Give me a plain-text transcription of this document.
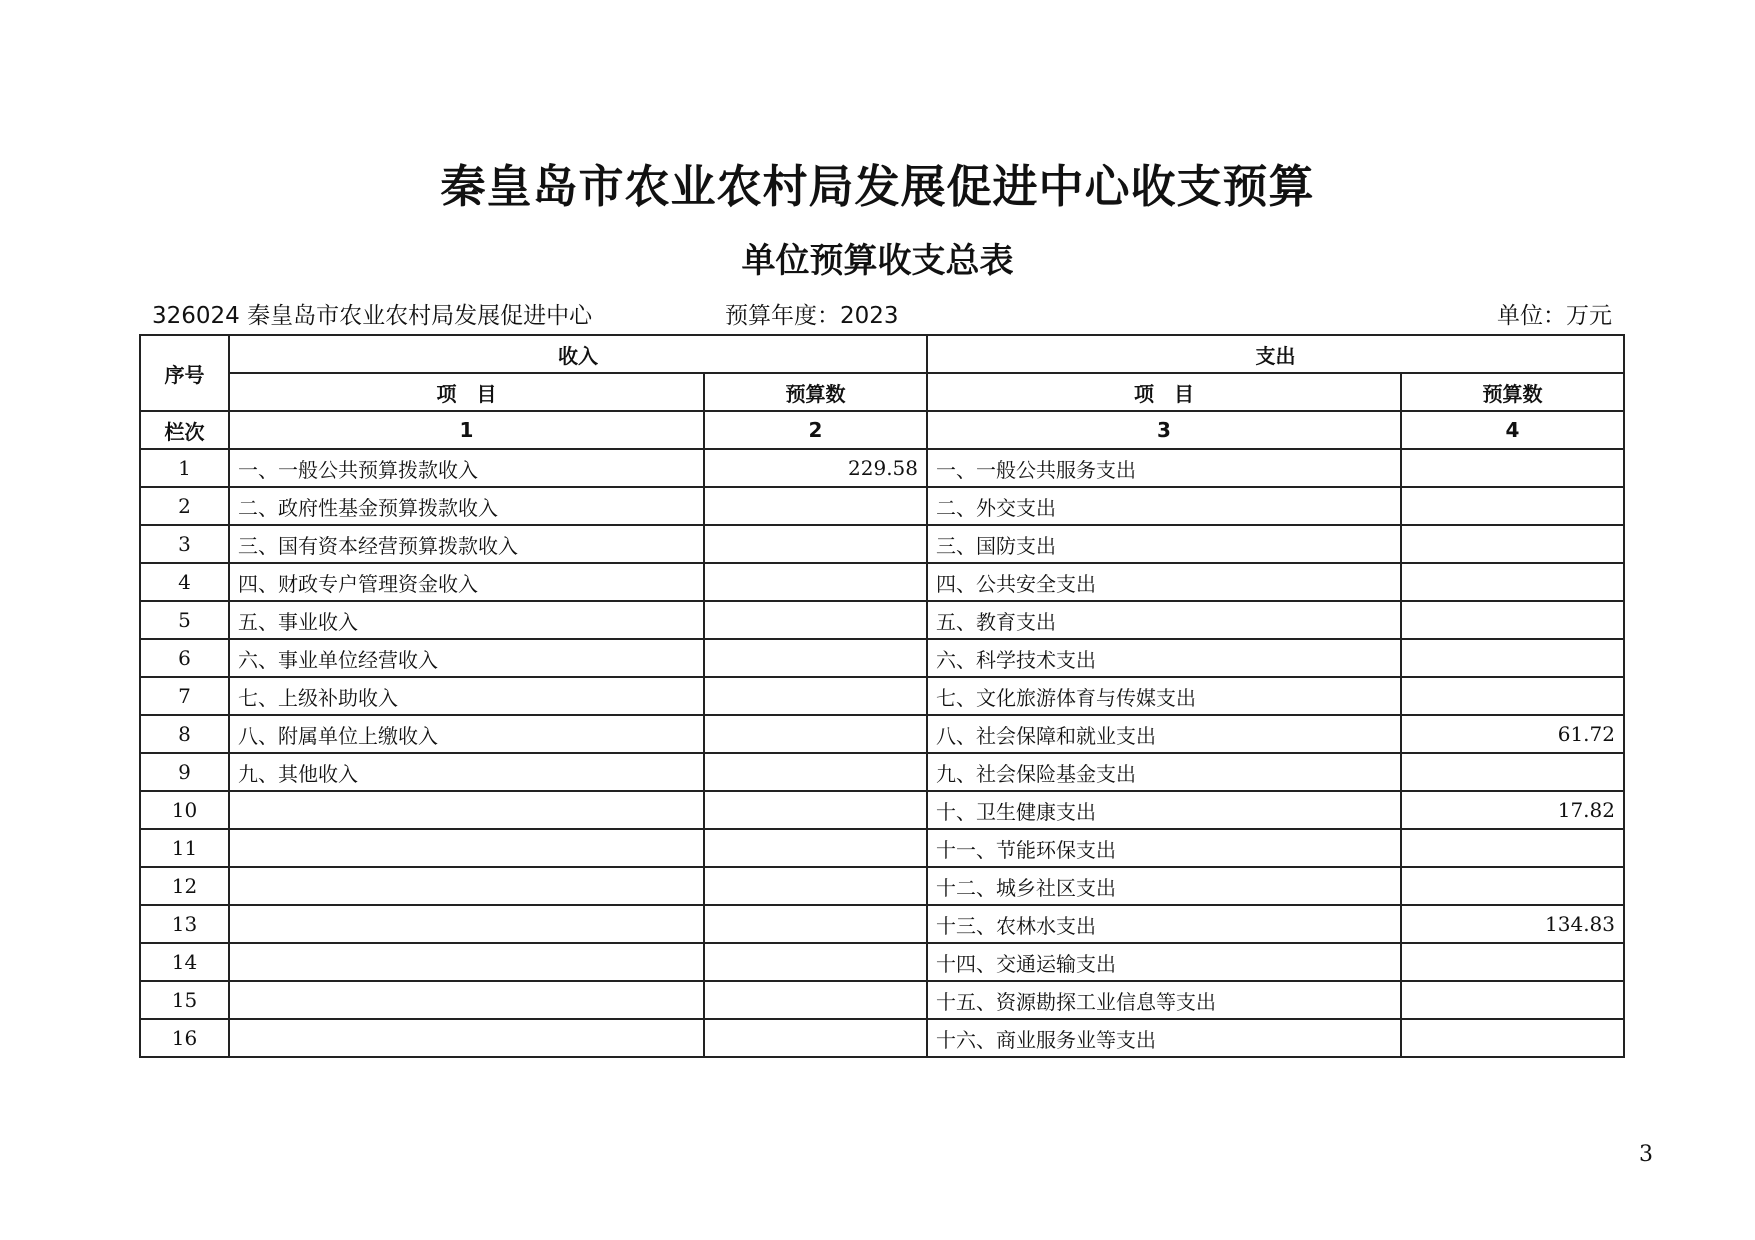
秦皇岛市农业农村局发展促进中心收支预算
单位预算收支总表
326024 秦皇岛市农业农村局发展促进中心	预算年度：2023	单位：万元
序号	收入		支出	
	项　目	预算数	项　目	预算数
栏次	1	2	3	4
1	一、一般公共预算拨款收入	229.58	一、一般公共服务支出	
2	二、政府性基金预算拨款收入		二、外交支出	
3	三、国有资本经营预算拨款收入		三、国防支出	
4	四、财政专户管理资金收入		四、公共安全支出	
5	五、事业收入		五、教育支出	
6	六、事业单位经营收入		六、科学技术支出	
7	七、上级补助收入		七、文化旅游体育与传媒支出	
8	八、附属单位上缴收入		八、社会保障和就业支出	61.72
9	九、其他收入		九、社会保险基金支出	
10			十、卫生健康支出	17.82
11			十一、节能环保支出	
12			十二、城乡社区支出	
13			十三、农林水支出	134.83
14			十四、交通运输支出	
15			十五、资源勘探工业信息等支出	
16			十六、商业服务业等支出	
3
